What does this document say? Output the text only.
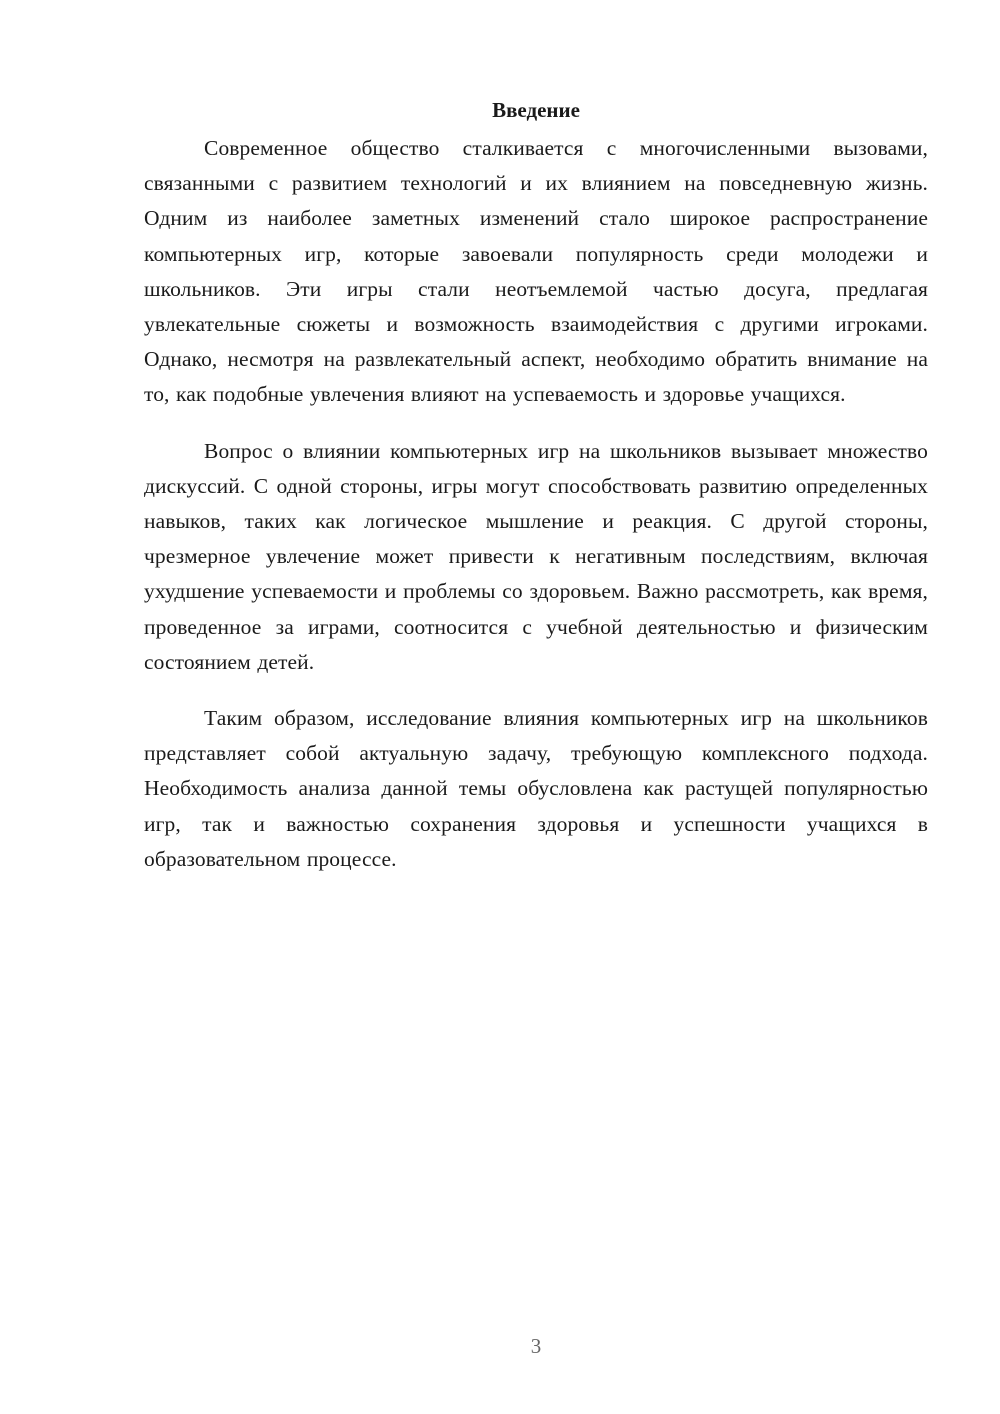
Введение

Современное общество сталкивается с многочисленными вызовами, связанными с развитием технологий и их влиянием на повседневную жизнь. Одним из наиболее заметных изменений стало широкое распространение компьютерных игр, которые завоевали популярность среди молодежи и школьников. Эти игры стали неотъемлемой частью досуга, предлагая увлекательные сюжеты и возможность взаимодействия с другими игроками. Однако, несмотря на развлекательный аспект, необходимо обратить внимание на то, как подобные увлечения влияют на успеваемость и здоровье учащихся.

Вопрос о влиянии компьютерных игр на школьников вызывает множество дискуссий. С одной стороны, игры могут способствовать развитию определенных навыков, таких как логическое мышление и реакция. С другой стороны, чрезмерное увлечение может привести к негативным последствиям, включая ухудшение успеваемости и проблемы со здоровьем. Важно рассмотреть, как время, проведенное за играми, соотносится с учебной деятельностью и физическим состоянием детей.

Таким образом, исследование влияния компьютерных игр на школьников представляет собой актуальную задачу, требующую комплексного подхода. Необходимость анализа данной темы обусловлена как растущей популярностью игр, так и важностью сохранения здоровья и успешности учащихся в образовательном процессе.

3
